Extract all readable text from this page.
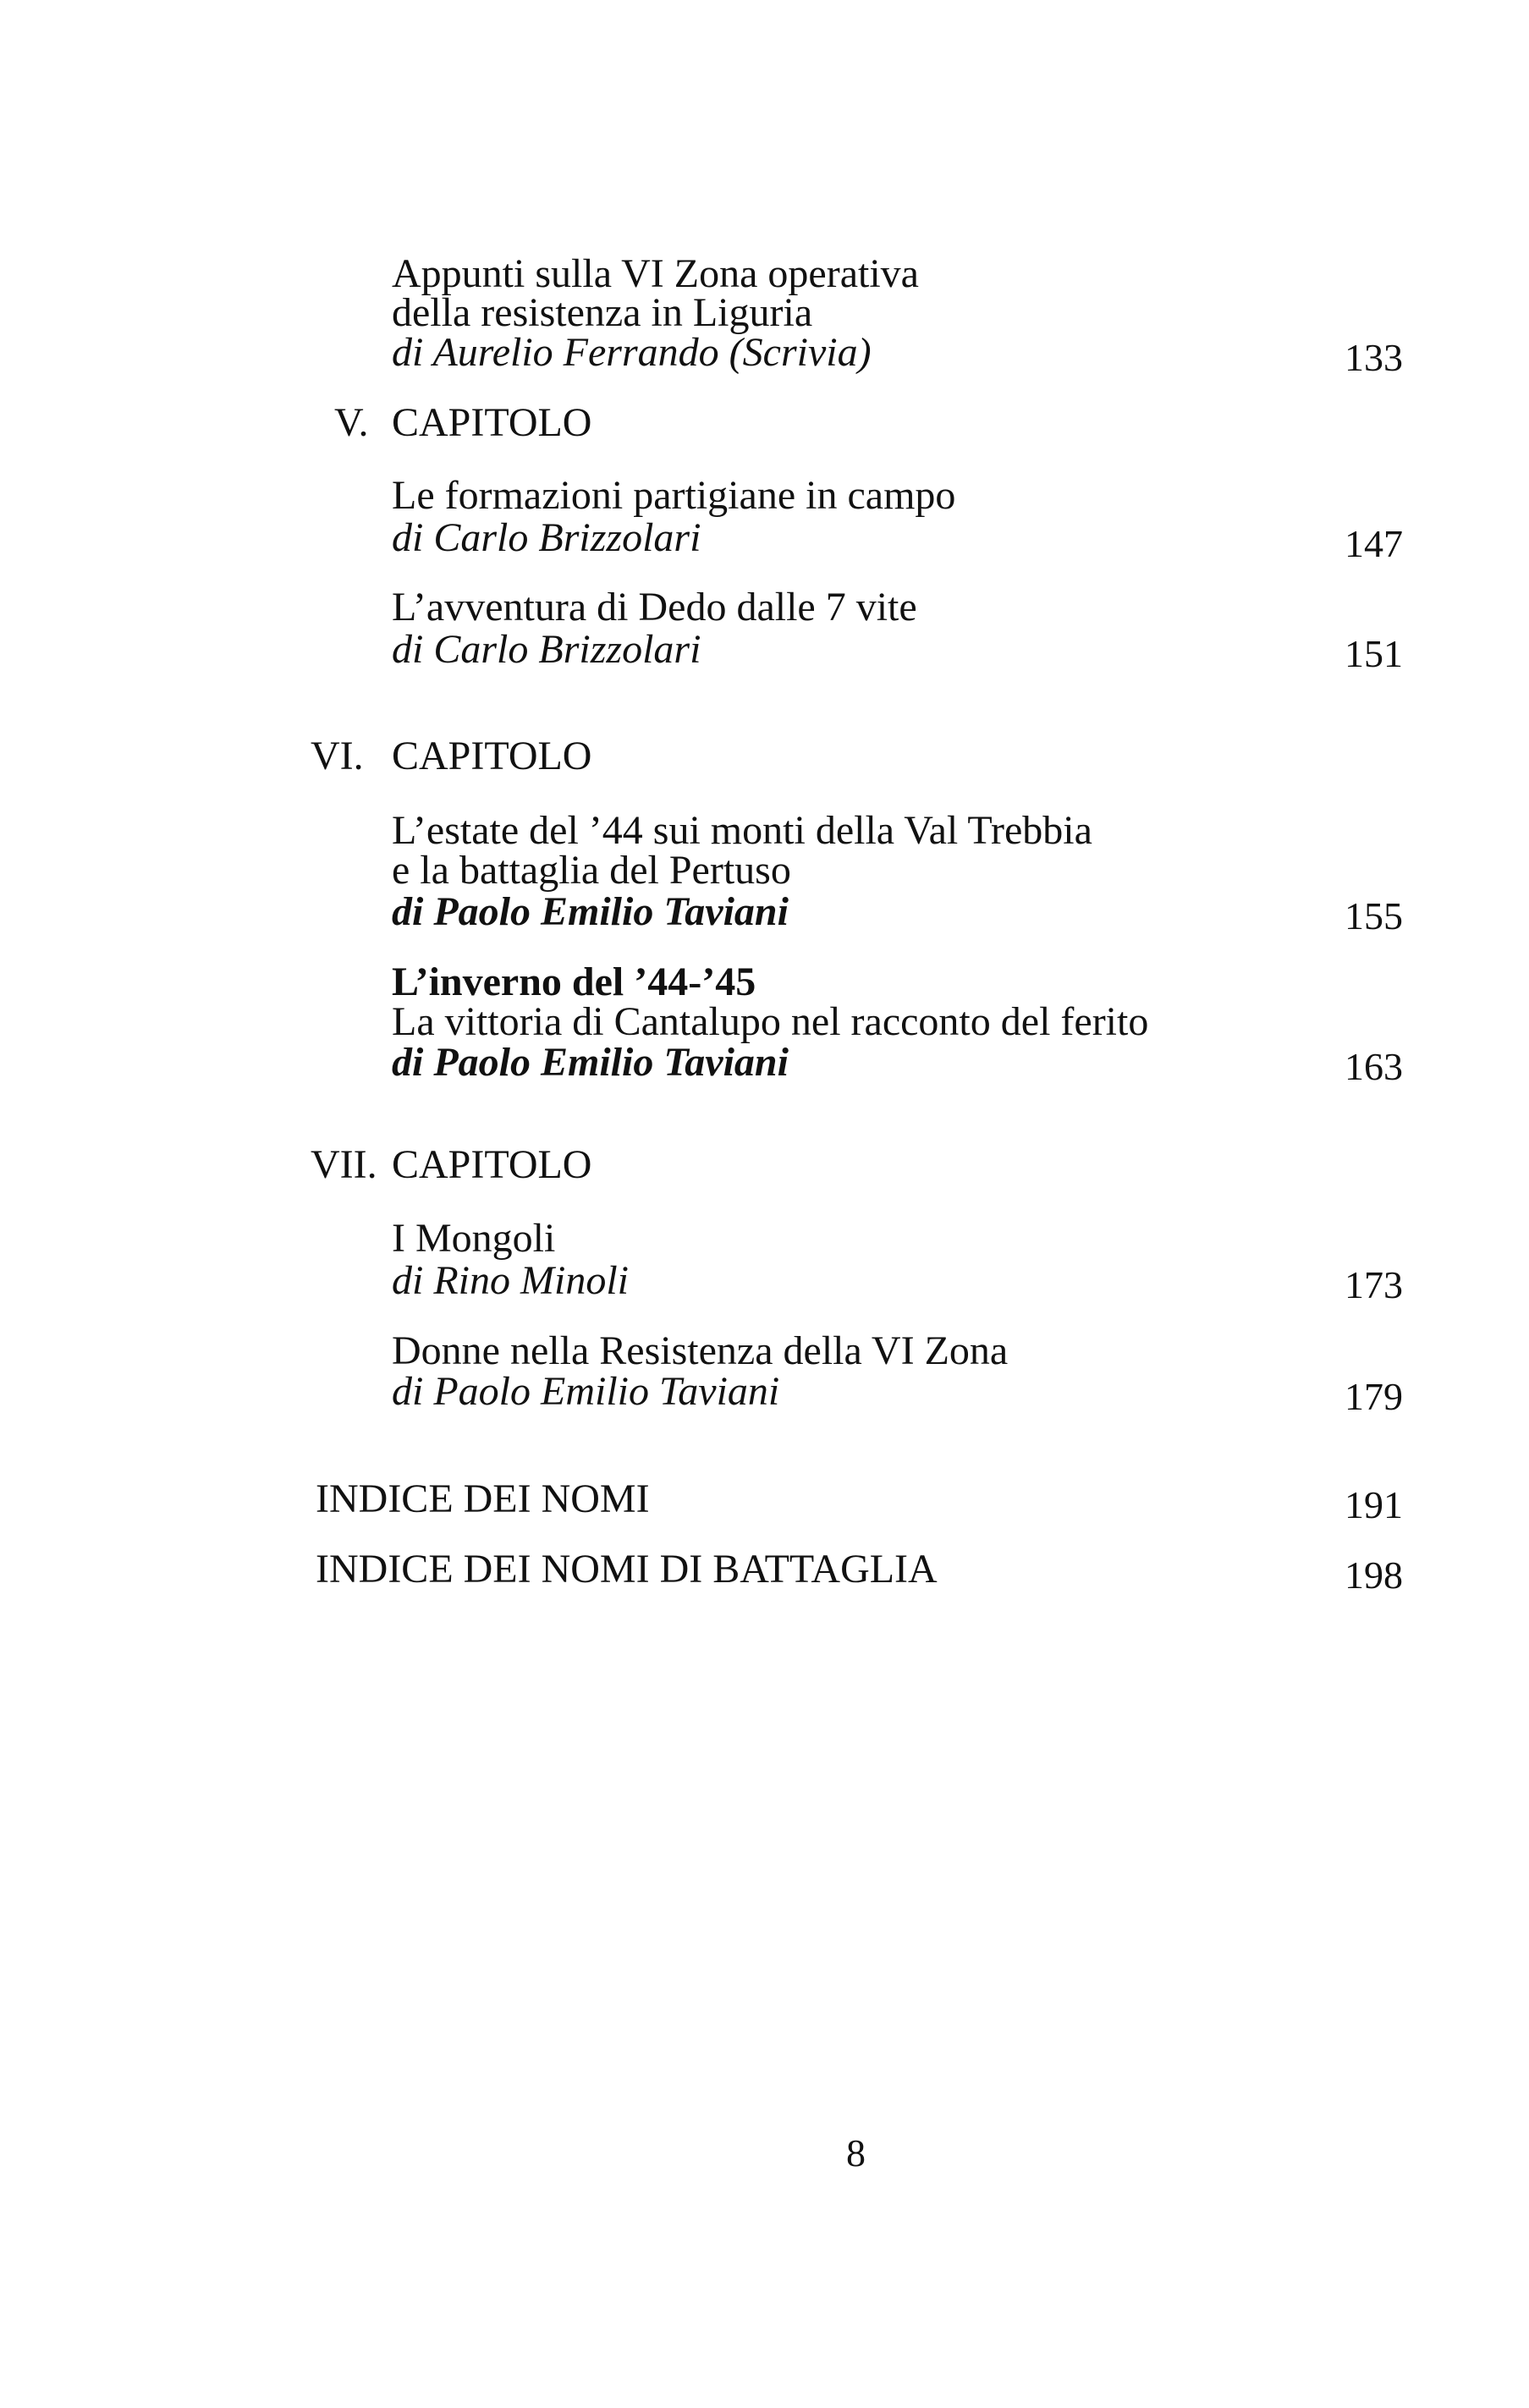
Appunti sulla VI Zona operativa
della resistenza in Liguria
di Aurelio Ferrando (Scrivia)	133
V. CAPITOLO
Le formazioni partigiane in campo
di Carlo Brizzolari	147
L’avventura di Dedo dalle 7 vite
di Carlo Brizzolari	151
VI. CAPITOLO
L’estate del ’44 sui monti della Val Trebbia
e la battaglia del Pertuso
di Paolo Emilio Taviani	155
L’inverno del ’44-’45
La vittoria di Cantalupo nel racconto del ferito
di Paolo Emilio Taviani	163
VII. CAPITOLO
I Mongoli
di Rino Minoli	173
Donne nella Resistenza della VI Zona
di Paolo Emilio Taviani	179
INDICE DEI NOMI	191
INDICE DEI NOMI DI BATTAGLIA	198
8
